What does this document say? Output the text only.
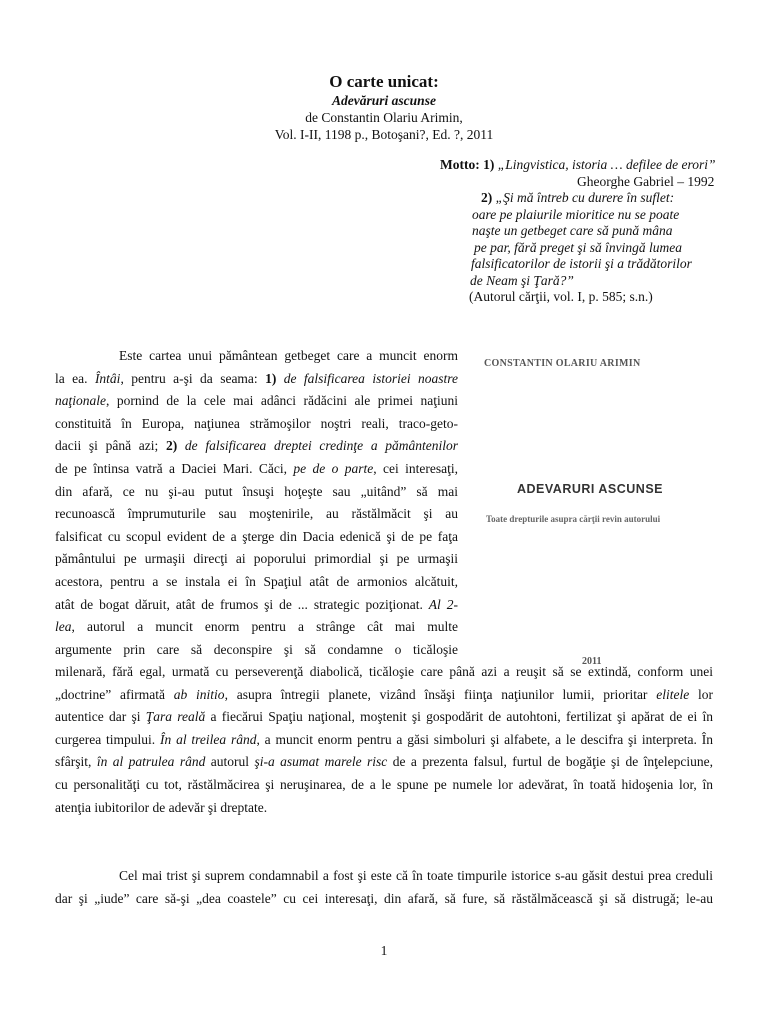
O carte unicat:
Adevăruri ascunse
de Constantin Olariu Arimin,
Vol. I-II, 1198 p., Botoşani?, Ed. ?, 2011
Motto: 1) „Lingvistica, istoria … defilee de erori”
Gheorghe Gabriel – 1992
2) „Şi mă întreb cu durere în suflet:
oare pe plaiurile mioritice nu se poate
naşte un getbeget care să pună mâna
pe par, fără preget şi să învingă lumea
falsificatorilor de istorii şi a trădătorilor
de Neam şi Ţară?”
(Autorul cărţii, vol. I, p. 585; s.n.)
CONSTANTIN OLARIU ARIMIN
ADEVARURI ASCUNSE
Toate drepturile asupra cărţii revin autorului
2011
Este cartea unui pământean getbeget care a muncit enorm
la ea. Întâi, pentru a-şi da seama: 1) de falsificarea istoriei noastre
naţionale, pornind de la cele mai adânci rădăcini ale primei naţiuni
constituită în Europa, naţiunea strămoşilor noştri reali, traco-geto-
dacii şi până azi; 2) de falsificarea dreptei credinţe a pământenilor
de pe întinsa vatră a Daciei Mari. Căci, pe de o parte, cei interesaţi,
din afară, ce nu şi-au putut însuşi hoţeşte sau „uitând” să mai
recunoască împrumuturile sau moştenirile, au răstălmăcit şi au
falsificat cu scopul evident de a şterge din Dacia edenică şi de pe faţa
pământului pe urmaşii direcţi ai poporului primordial şi pe urmaşii
acestora, pentru a se instala ei în Spaţiul atât de armonios alcătuit,
atât de bogat dăruit, atât de frumos şi de ... strategic poziţionat. Al 2-
lea, autorul a muncit enorm pentru a strânge cât mai multe
argumente prin care să deconspire şi să condamne o ticăloşie
milenară, fără egal, urmată cu perseverenţă diabolică, ticăloşie care până azi a reuşit să se extindă, conform unei
„doctrine” afirmată ab initio, asupra întregii planete, vizând însăşi fiinţa naţiunilor lumii, prioritar elitele lor
autentice dar şi Ţara reală a fiecărui Spaţiu naţional, moştenit şi gospodărit de autohtoni, fertilizat şi apărat de ei în
curgerea timpului. În al treilea rând, a muncit enorm pentru a găsi simboluri şi alfabete, a le descifra şi interpreta. În
sfârşit, în al patrulea rând autorul şi-a asumat marele risc de a prezenta falsul, furtul de bogăţie şi de înţelepciune,
cu personalităţi cu tot, răstălmăcirea şi neruşinarea, de a le spune pe numele lor adevărat, în toată hidoşenia lor, în
atenţia iubitorilor de adevăr şi dreptate.
Cel mai trist şi suprem condamnabil a fost şi este că în toate timpurile istorice s-au găsit destui prea creduli
dar şi „iude” care să-şi „dea coastele” cu cei interesaţi, din afară, să fure, să răstălmăcească şi să distrugă; le-au
1
